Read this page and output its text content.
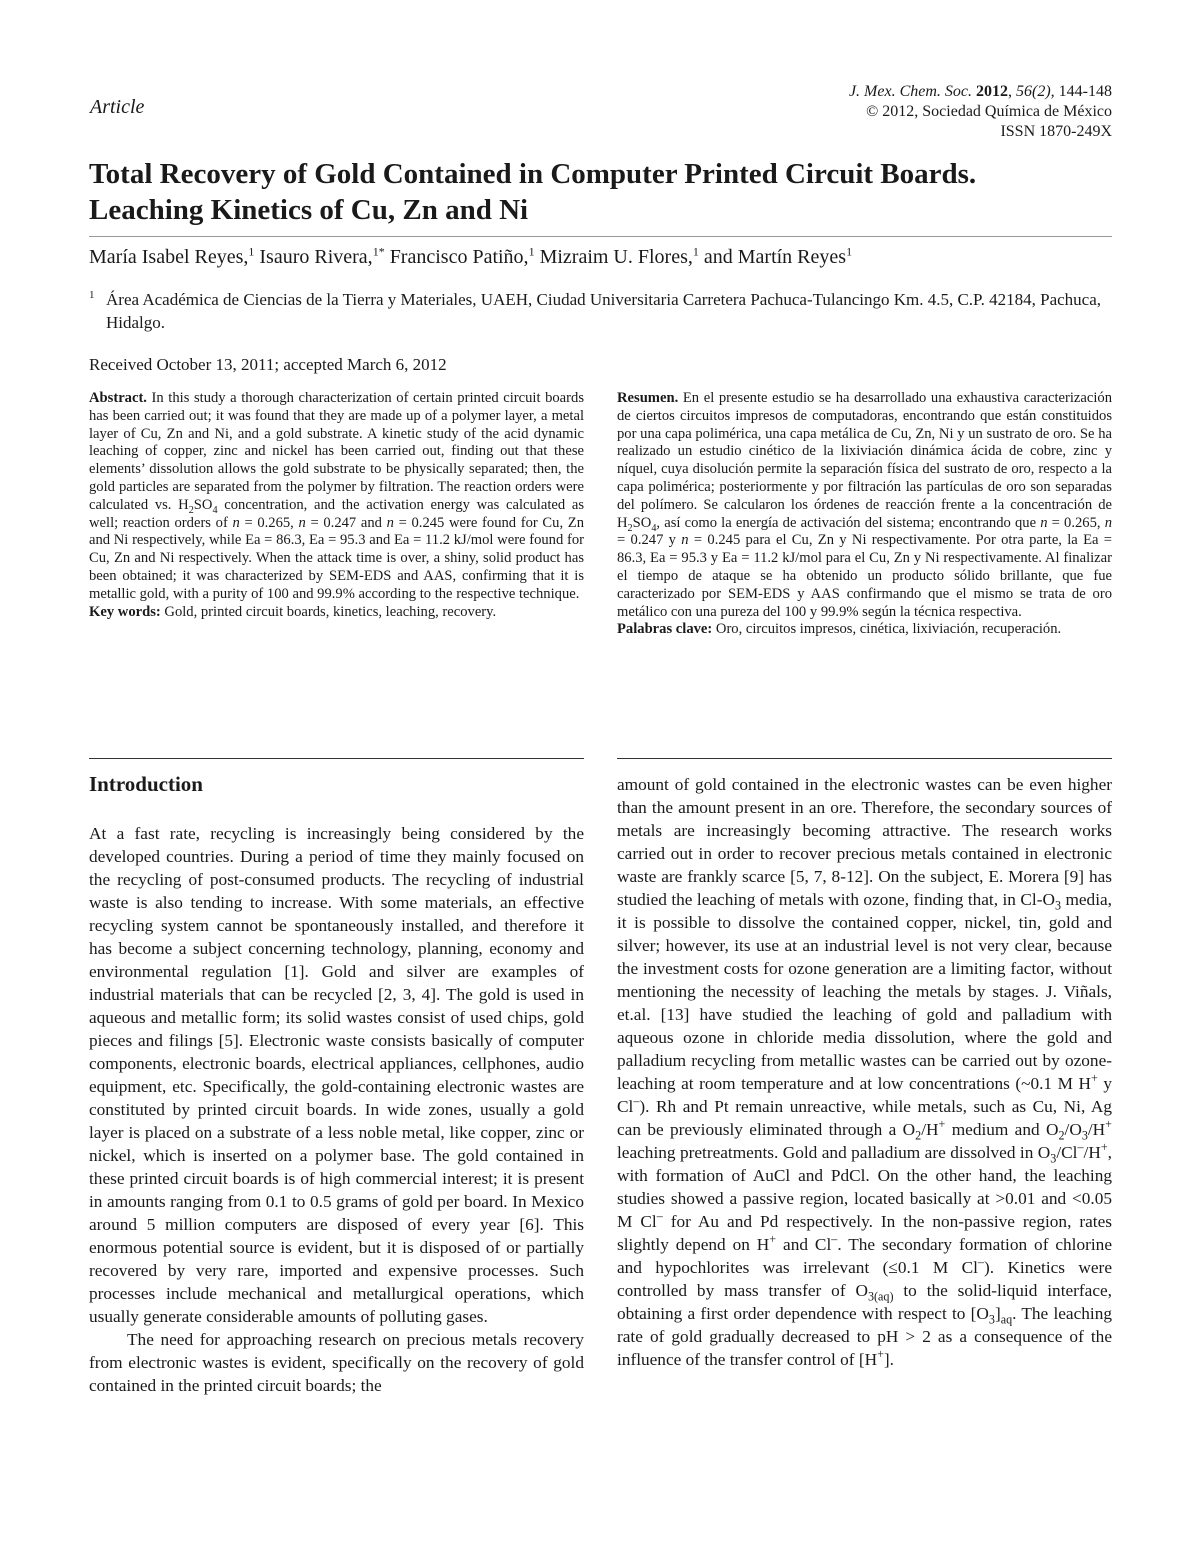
Article
J. Mex. Chem. Soc. 2012, 56(2), 144-148
© 2012, Sociedad Química de México
ISSN 1870-249X
Total Recovery of Gold Contained in Computer Printed Circuit Boards.
Leaching Kinetics of Cu, Zn and Ni
María Isabel Reyes,$^1$ Isauro Rivera,$^{1*}$ Francisco Patiño,$^1$ Mizraim U. Flores,$^1$ and Martín Reyes$^1$
1 Área Académica de Ciencias de la Tierra y Materiales, UAEH, Ciudad Universitaria Carretera Pachuca-Tulancingo Km. 4.5, C.P. 42184, Pachuca, Hidalgo.
Received October 13, 2011; accepted March 6, 2012

Abstract. In this study a thorough characterization of certain printed circuit boards has been carried out; it was found that they are made up of a polymer layer, a metal layer of Cu, Zn and Ni, and a gold substrate. A kinetic study of the acid dynamic leaching of copper, zinc and nickel has been carried out, finding out that these elements’ dissolution allows the gold substrate to be physically separated; then, the gold particles are separated from the polymer by filtration. The reaction orders were calculated vs. $H_2SO_4$ concentration, and the activation energy was calculated as well; reaction orders of n = 0.265, n = 0.247 and n = 0.245 were found for Cu, Zn and Ni respectively, while Ea = 86.3, Ea = 95.3 and Ea = 11.2 kJ/mol were found for Cu, Zn and Ni respectively. When the attack time is over, a shiny, solid product has been obtained; it was characterized by SEM-EDS and AAS, confirming that it is metallic gold, with a purity of 100 and 99.9% according to the respective technique.

Key words: Gold, printed circuit boards, kinetics, leaching, recovery.

Resumen. En el presente estudio se ha desarrollado una exhaustiva caracterización de ciertos circuitos impresos de computadoras, encontrando que están constituidos por una capa polimérica, una capa metálica de Cu, Zn, Ni y un sustrato de oro. Se ha realizado un estudio cinético de la lixiviación dinámica ácida de cobre, zinc y níquel, cuya disolución permite la separación física del sustrato de oro, respecto a la capa polimérica; posteriormente y por filtración las partículas de oro son separadas del polímero. Se calcularon los órdenes de reacción frente a la concentración de $H_2SO_4$, así como la energía de activación del sistema; encontrando que n = 0.265, n = 0.247 y n = 0.245 para el Cu, Zn y Ni respectivamente. Por otra parte, la Ea = 86.3, Ea = 95.3 y Ea = 11.2 kJ/mol para el Cu, Zn y Ni respectivamente. Al finalizar el tiempo de ataque se ha obtenido un producto sólido brillante, que fue caracterizado por SEM-EDS y AAS confirmando que el mismo se trata de oro metálico con una pureza del 100 y 99.9% según la técnica respectiva.

Palabras clave: Oro, circuitos impresos, cinética, lixiviación, recuperación.

Introduction

At a fast rate, recycling is increasingly being considered by the developed countries. During a period of time they mainly focused on the recycling of post-consumed products. The recycling of industrial waste is also tending to increase. With some materials, an effective recycling system cannot be spontaneously installed, and therefore it has become a subject concerning technology, planning, economy and environmental regulation [1]. Gold and silver are examples of industrial materials that can be recycled [2, 3, 4]. The gold is used in aqueous and metallic form; its solid wastes consist of used chips, gold pieces and filings [5]. Electronic waste consists basically of computer components, electronic boards, electrical appliances, cellphones, audio equipment, etc. Specifically, the gold-containing electronic wastes are constituted by printed circuit boards. In wide zones, usually a gold layer is placed on a substrate of a less noble metal, like copper, zinc or nickel, which is inserted on a polymer base. The gold contained in these printed circuit boards is of high commercial interest; it is present in amounts ranging from 0.1 to 0.5 grams of gold per board. In Mexico around 5 million computers are disposed of every year [6]. This enormous potential source is evident, but it is disposed of or partially recovered by very rare, imported and expensive processes. Such processes include mechanical and metallurgical operations, which usually generate considerable amounts of polluting gases.

The need for approaching research on precious metals recovery from electronic wastes is evident, specifically on the recovery of gold contained in the printed circuit boards; the

amount of gold contained in the electronic wastes can be even higher than the amount present in an ore. Therefore, the secondary sources of metals are increasingly becoming attractive. The research works carried out in order to recover precious metals contained in electronic waste are frankly scarce [5, 7, 8-12]. On the subject, E. Morera [9] has studied the leaching of metals with ozone, finding that, in $Cl-O_3$ media, it is possible to dissolve the contained copper, nickel, tin, gold and silver; however, its use at an industrial level is not very clear, because the investment costs for ozone generation are a limiting factor, without mentioning the necessity of leaching the metals by stages. J. Viñals, et.al. [13] have studied the leaching of gold and palladium with aqueous ozone in chloride media dissolution, where the gold and palladium recycling from metallic wastes can be carried out by ozone-leaching at room temperature and at low concentrations (~0.1 M H+ y Cl–). Rh and Pt remain unreactive, while metals, such as Cu, Ni, Ag can be previously eliminated through a $O_2/H^+$ medium and $O_2/O_3/H^+$ leaching pretreatments. Gold and palladium are dissolved in $O_3/Cl^-/H^+$, with formation of AuCl and PdCl. On the other hand, the leaching studies showed a passive region, located basically at >0.01 and <0.05 M Cl– for Au and Pd respectively. In the non-passive region, rates slightly depend on H+ and Cl–. The secondary formation of chlorine and hypochlorites was irrelevant (≤0.1 M Cl–). Kinetics were controlled by mass transfer of $O_{3(aq)}$ to the solid-liquid interface, obtaining a first order dependence with respect to $[O_3]_{aq}$. The leaching rate of gold gradually decreased to pH > 2 as a consequence of the influence of the transfer control of [H+].
